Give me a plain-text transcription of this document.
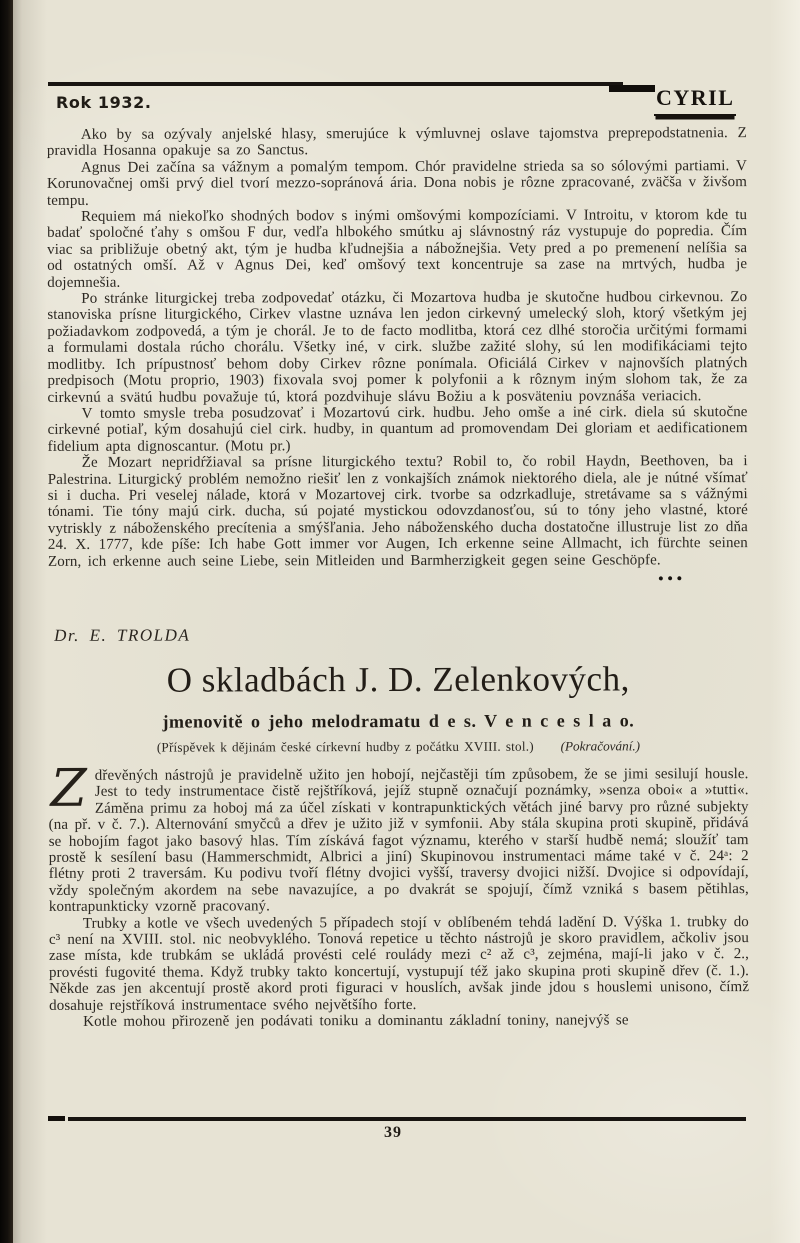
Rok 1932.	CYRIL

Ako by sa ozývaly anjelské hlasy, smerujúce k výmluvnej oslave tajomstva preprepodstatnenia. Z pravidla Hosanna opakuje sa zo Sanctus.

Agnus Dei začína sa vážnym a pomalým tempom. Chór pravidelne strieda sa so sólovými partiami. V Korunovačnej omši prvý diel tvorí mezzo-sopránová ária. Dona nobis je rôzne zpracované, zväčša v živšom tempu.

Requiem má niekoľko shodných bodov s inými omšovými kompozíciami. V Introitu, v ktorom kde tu badať spoločné ťahy s omšou F dur, vedľa hlbokého smútku aj slávnostný ráz vystupuje do popredia. Čím viac sa približuje obetný akt, tým je hudba kľudnejšia a nábožnejšia. Vety pred a po premenení nelíšia sa od ostatných omší. Až v Agnus Dei, keď omšový text koncentruje sa zase na mrtvých, hudba je dojemnešia.

Po stránke liturgickej treba zodpovedať otázku, či Mozartova hudba je skutočne hudbou cirkevnou. Zo stanoviska prísne liturgického, Cirkev vlastne uznáva len jedon cirkevný umelecký sloh, ktorý všetkým jej požiadavkom zodpovedá, a tým je chorál. Je to de facto modlitba, ktorá cez dlhé storočia určitými formami a formulami dostala rúcho chorálu. Všetky iné, v cirk. službe zažité slohy, sú len modifikáciami tejto modlitby. Ich prípustnosť behom doby Cirkev rôzne ponímala. Oficiálá Cirkev v najnovších platných predpisoch (Motu proprio, 1903) fixovala svoj pomer k polyfonii a k rôznym iným slohom tak, že za cirkevnú a svätú hudbu považuje tú, ktorá pozdvihuje slávu Božiu a k posväteniu povznáša veriacich.

V tomto smysle treba posudzovať i Mozartovú cirk. hudbu. Jeho omše a iné cirk. diela sú skutočne cirkevné potiaľ, kým dosahujú ciel cirk. hudby, in quantum ad promovendam Dei gloriam et aedificationem fidelium apta dignoscantur. (Motu pr.)

Že Mozart nepridŕžiaval sa prísne liturgického textu? Robil to, čo robil Haydn, Beethoven, ba i Palestrina. Liturgický problém nemožno riešiť len z vonkajších známok niektorého diela, ale je nútné všímať si i ducha. Pri veselej nálade, ktorá v Mozartovej cirk. tvorbe sa odzrkadluje, stretávame sa s vážnými tónami. Tie tóny majú cirk. ducha, sú pojaté mystickou odovzdanosťou, sú to tóny jeho vlastné, ktoré vytriskly z náboženského precítenia a smýšľania. Jeho náboženského ducha dostatočne illustruje list zo dňa 24. X. 1777, kde píše: Ich habe Gott immer vor Augen, Ich erkenne seine Allmacht, ich fürchte seinen Zorn, ich erkenne auch seine Liebe, sein Mitleiden und Barmherzigkeit gegen seine Geschöpfe.

•••
Dr. E. TROLDA
O skladbách J. D. Zelenkových,
jmenovitě o jeho melodramatu d e s. V e n c e s l a o.
(Příspěvek k dějinám české církevní hudby z počátku XVIII. stol.) (Pokračování.)

Zdřevěných nástrojů je pravidelně užito jen hobojí, nejčastěji tím způsobem, že se jimi sesilují housle. Jest to tedy instrumentace čistě rejštříková, jejíž stupně označují poznámky, »senza oboi« a »tutti«. Záměna primu za hoboj má za účel získati v kontrapunktických větách jiné barvy pro různé subjekty (na př. v č. 7.). Alternování smyčců a dřev je užito již v symfonii. Aby stála skupina proti skupině, přidává se hobojím fagot jako basový hlas. Tím získává fagot významu, kterého v starší hudbě nemá; sloužíť tam prostě k sesílení basu (Hammerschmidt, Albrici a jiní) Skupinovou instrumentaci máme také v č. 24ᵃ: 2 flétny proti 2 traversám. Ku podivu tvoří flétny dvojici vyšší, traversy dvojici nižší. Dvojice si odpovídají, vždy společným akordem na sebe navazujíce, a po dvakrát se spojují, čímž vzniká s basem pětihlas, kontrapunkticky vzorně pracovaný.

Trubky a kotle ve všech uvedených 5 případech stojí v oblíbeném tehdá ladění D. Výška 1. trubky do c³ není na XVIII. stol. nic neobvyklého. Tonová repetice u těchto nástrojů je skoro pravidlem, ačkoliv jsou zase místa, kde trubkám se ukládá provésti celé roulády mezi c² až c³, zejména, mají-li jako v č. 2., provésti fugovité thema. Když trubky takto koncertují, vystupují též jako skupina proti skupině dřev (č. 1.). Někde zas jen akcentují prostě akord proti figuraci v houslích, avšak jinde jdou s houslemi unisono, čímž dosahuje rejstříková instrumentace svého největšího forte.

Kotle mohou přirozeně jen podávati toniku a dominantu základní toniny, nanejvýš se

39
